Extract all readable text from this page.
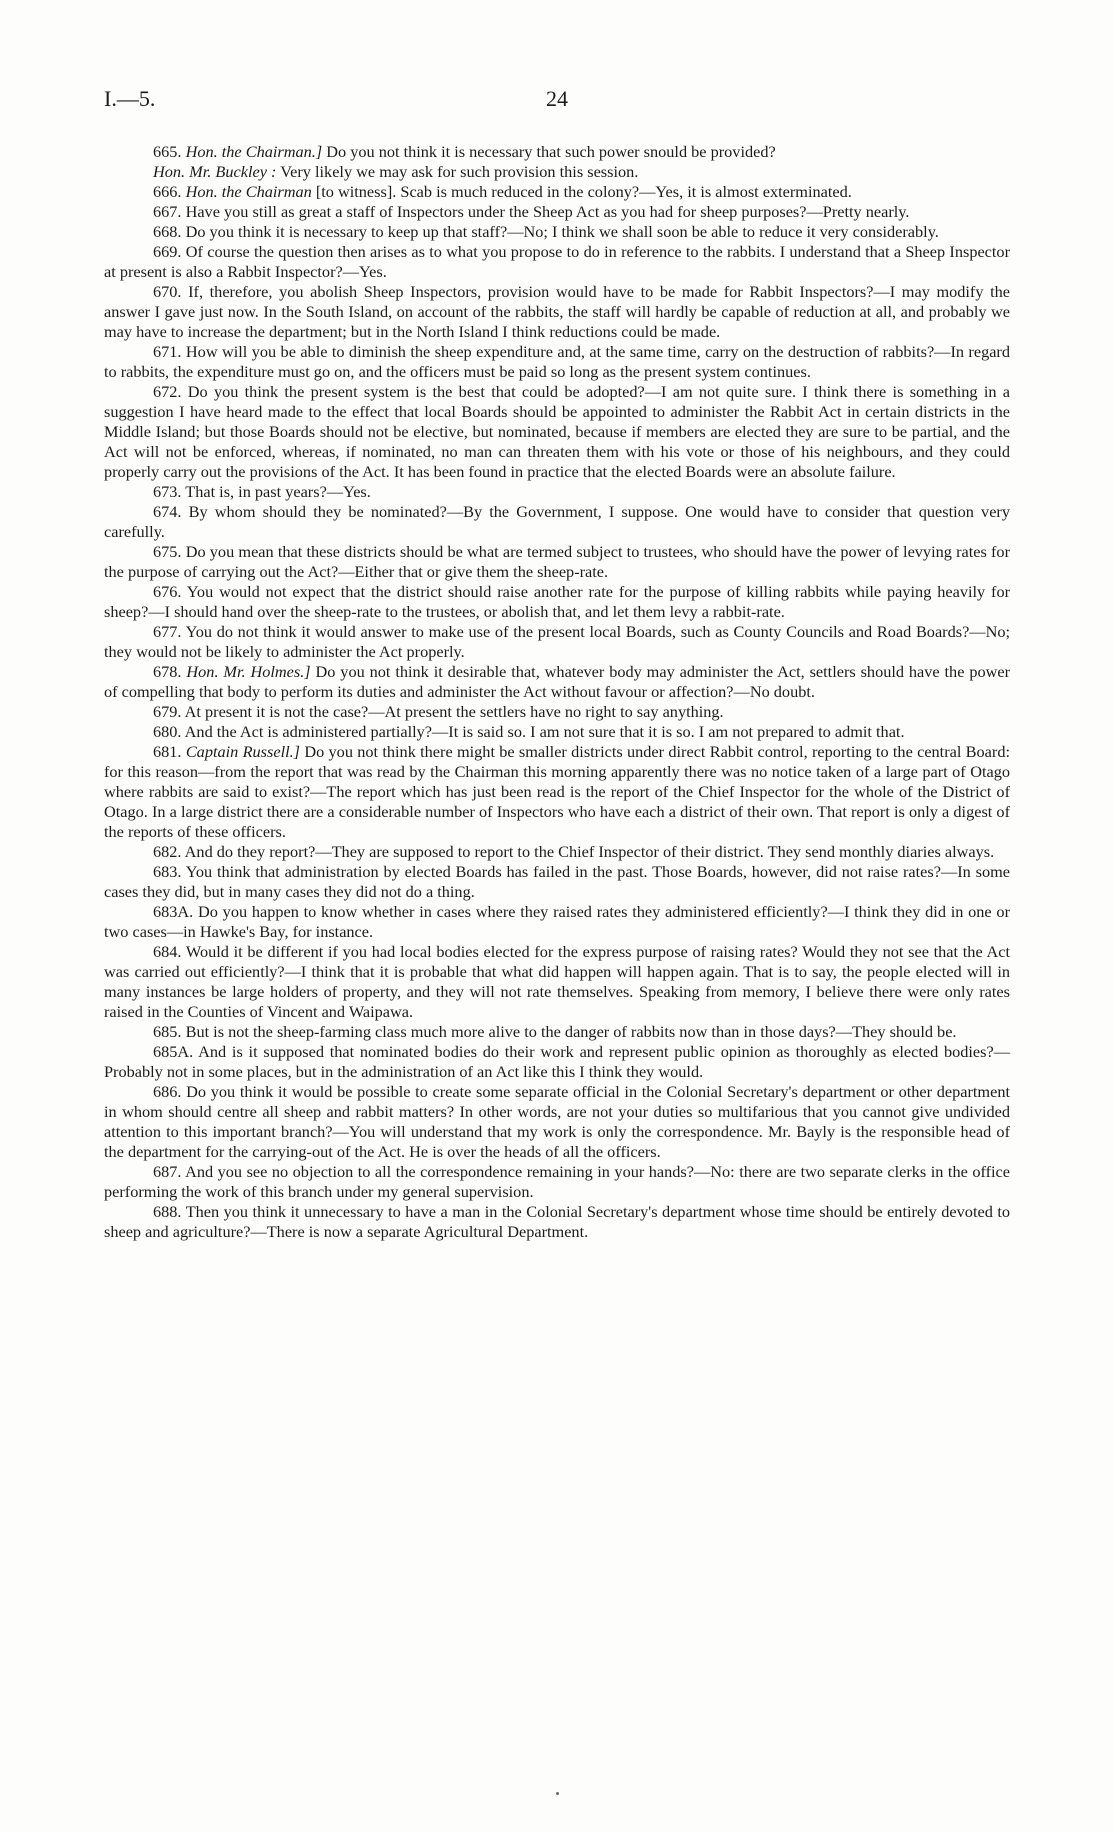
I.—5.	24

665. Hon. the Chairman.] Do you not think it is necessary that such power snould be provided?

Hon. Mr. Buckley : Very likely we may ask for such provision this session.

666. Hon. the Chairman [to witness]. Scab is much reduced in the colony?—Yes, it is almost exterminated.

667. Have you still as great a staff of Inspectors under the Sheep Act as you had for sheep purposes?—Pretty nearly.

668. Do you think it is necessary to keep up that staff?—No; I think we shall soon be able to reduce it very considerably.

669. Of course the question then arises as to what you propose to do in reference to the rabbits. I understand that a Sheep Inspector at present is also a Rabbit Inspector?—Yes.

670. If, therefore, you abolish Sheep Inspectors, provision would have to be made for Rabbit Inspectors?—I may modify the answer I gave just now. In the South Island, on account of the rabbits, the staff will hardly be capable of reduction at all, and probably we may have to increase the department; but in the North Island I think reductions could be made.

671. How will you be able to diminish the sheep expenditure and, at the same time, carry on the destruction of rabbits?—In regard to rabbits, the expenditure must go on, and the officers must be paid so long as the present system continues.

672. Do you think the present system is the best that could be adopted?—I am not quite sure. I think there is something in a suggestion I have heard made to the effect that local Boards should be appointed to administer the Rabbit Act in certain districts in the Middle Island; but those Boards should not be elective, but nominated, because if members are elected they are sure to be partial, and the Act will not be enforced, whereas, if nominated, no man can threaten them with his vote or those of his neighbours, and they could properly carry out the provisions of the Act. It has been found in practice that the elected Boards were an absolute failure.

673. That is, in past years?—Yes.

674. By whom should they be nominated?—By the Government, I suppose. One would have to consider that question very carefully.

675. Do you mean that these districts should be what are termed subject to trustees, who should have the power of levying rates for the purpose of carrying out the Act?—Either that or give them the sheep-rate.

676. You would not expect that the district should raise another rate for the purpose of killing rabbits while paying heavily for sheep?—I should hand over the sheep-rate to the trustees, or abolish that, and let them levy a rabbit-rate.

677. You do not think it would answer to make use of the present local Boards, such as County Councils and Road Boards?—No; they would not be likely to administer the Act properly.

678. Hon. Mr. Holmes.] Do you not think it desirable that, whatever body may administer the Act, settlers should have the power of compelling that body to perform its duties and administer the Act without favour or affection?—No doubt.

679. At present it is not the case?—At present the settlers have no right to say anything.

680. And the Act is administered partially?—It is said so. I am not sure that it is so. I am not prepared to admit that.

681. Captain Russell.] Do you not think there might be smaller districts under direct Rabbit control, reporting to the central Board: for this reason—from the report that was read by the Chairman this morning apparently there was no notice taken of a large part of Otago where rabbits are said to exist?—The report which has just been read is the report of the Chief Inspector for the whole of the District of Otago. In a large district there are a considerable number of Inspectors who have each a district of their own. That report is only a digest of the reports of these officers.

682. And do they report?—They are supposed to report to the Chief Inspector of their district. They send monthly diaries always.

683. You think that administration by elected Boards has failed in the past. Those Boards, however, did not raise rates?—In some cases they did, but in many cases they did not do a thing.

683A. Do you happen to know whether in cases where they raised rates they administered efficiently?—I think they did in one or two cases—in Hawke's Bay, for instance.

684. Would it be different if you had local bodies elected for the express purpose of raising rates? Would they not see that the Act was carried out efficiently?—I think that it is probable that what did happen will happen again. That is to say, the people elected will in many instances be large holders of property, and they will not rate themselves. Speaking from memory, I believe there were only rates raised in the Counties of Vincent and Waipawa.

685. But is not the sheep-farming class much more alive to the danger of rabbits now than in those days?—They should be.

685A. And is it supposed that nominated bodies do their work and represent public opinion as thoroughly as elected bodies?—Probably not in some places, but in the administration of an Act like this I think they would.

686. Do you think it would be possible to create some separate official in the Colonial Secretary's department or other department in whom should centre all sheep and rabbit matters? In other words, are not your duties so multifarious that you cannot give undivided attention to this important branch?—You will understand that my work is only the correspondence. Mr. Bayly is the responsible head of the department for the carrying-out of the Act. He is over the heads of all the officers.

687. And you see no objection to all the correspondence remaining in your hands?—No: there are two separate clerks in the office performing the work of this branch under my general supervision.

688. Then you think it unnecessary to have a man in the Colonial Secretary's department whose time should be entirely devoted to sheep and agriculture?—There is now a separate Agricultural Department.
